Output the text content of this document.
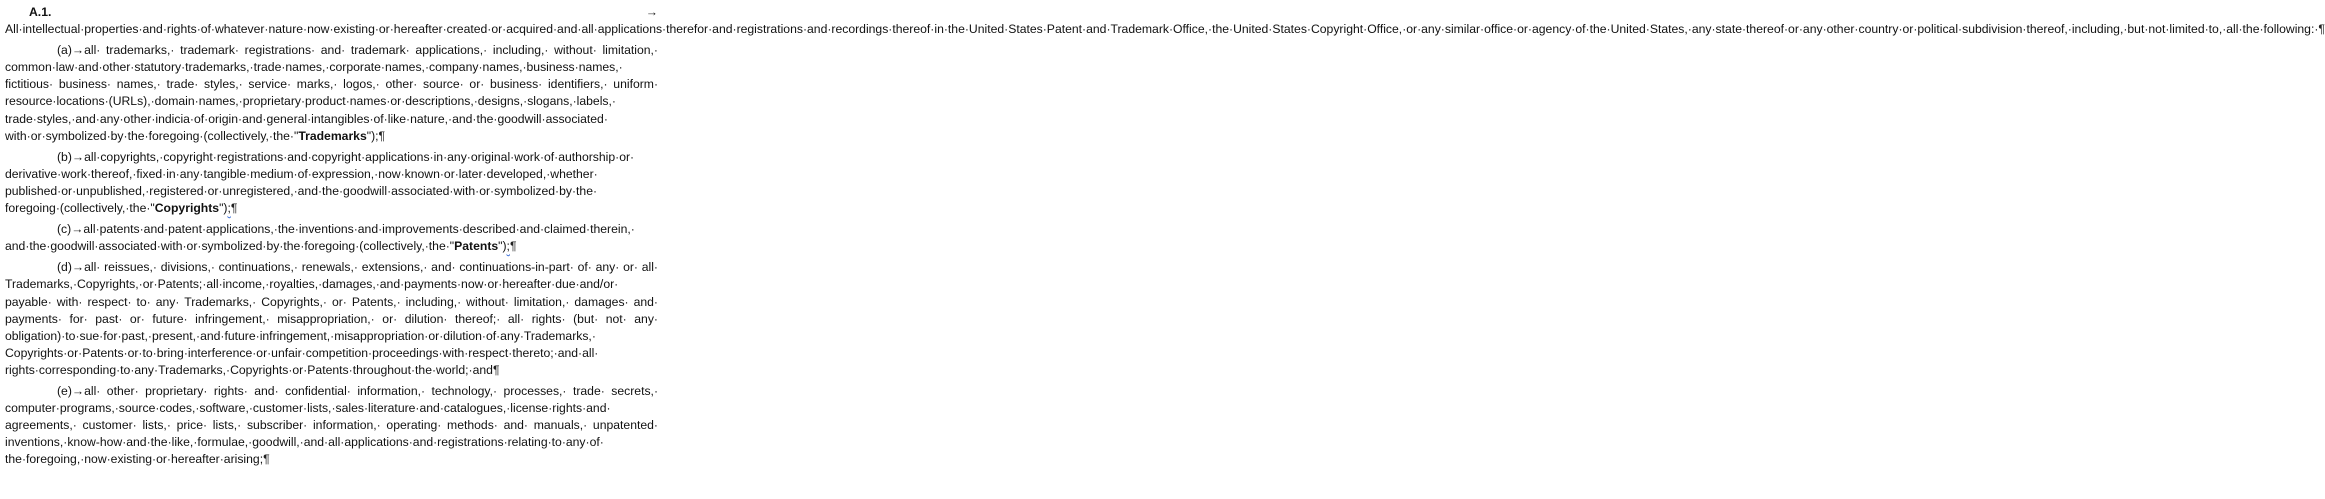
A.1. → All·intellectual·properties·and·rights·of·whatever·nature·now·existing·or·hereafter·created·or·acquired·and·all·applications·therefor·and·registrations·and·recordings·thereof·in·the·United·States·Patent·and·Trademark·Office,·the·United·States·Copyright·Office,·or·any·similar·office·or·agency·of·the·United·States,·any·state·thereof·or·any·other·country·or·political·subdivision·thereof,·including,·but·not·limited·to,·all·the·following:·¶

(a)→all· trademarks,· trademark· registrations· and· trademark· applications,· including,· without· limitation,· common·law·and·other·statutory·trademarks,·trade·names,·corporate·names,·company·names,·business·names,· fictitious· business· names,· trade· styles,· service· marks,· logos,· other· source· or· business· identifiers,· uniform· resource·locations·(URLs),·domain·names,·proprietary·product·names·or·descriptions,·designs,·slogans,·labels,· trade·styles,·and·any·other·indicia·of·origin·and·general·intangibles·of·like·nature,·and·the·goodwill·associated· with·or·symbolized·by·the·foregoing·(collectively,·the·"Trademarks");¶

(b)→all·copyrights,·copyright·registrations·and·copyright·applications·in·any·original·work·of·authorship·or· derivative·work·thereof,·fixed·in·any·tangible·medium·of·expression,·now·known·or·later·developed,·whether· published·or·unpublished,·registered·or·unregistered,·and·the·goodwill·associated·with·or·symbolized·by·the· foregoing·(collectively,·the·"Copyrights");¶

(c)→all·patents·and·patent·applications,·the·inventions·and·improvements·described·and·claimed·therein,· and·the·goodwill·associated·with·or·symbolized·by·the·foregoing·(collectively,·the·"Patents");¶

(d)→all· reissues,· divisions,· continuations,· renewals,· extensions,· and· continuations-in-part· of· any· or· all· Trademarks,·Copyrights,·or·Patents;·all·income,·royalties,·damages,·and·payments·now·or·hereafter·due·and/or· payable· with· respect· to· any· Trademarks,· Copyrights,· or· Patents,· including,· without· limitation,· damages· and· payments· for· past· or· future· infringement,· misappropriation,· or· dilution· thereof;· all· rights· (but· not· any· obligation)·to·sue·for·past,·present,·and·future·infringement,·misappropriation·or·dilution·of·any·Trademarks,· Copyrights·or·Patents·or·to·bring·interference·or·unfair·competition·proceedings·with·respect·thereto;·and·all· rights·corresponding·to·any·Trademarks,·Copyrights·or·Patents·throughout·the·world;·and¶

(e)→all· other· proprietary· rights· and· confidential· information,· technology,· processes,· trade· secrets,· computer·programs,·source·codes,·software,·customer·lists,·sales·literature·and·catalogues,·license·rights·and· agreements,· customer· lists,· price· lists,· subscriber· information,· operating· methods· and· manuals,· unpatented· inventions,·know-how·and·the·like,·formulae,·goodwill,·and·all·applications·and·registrations·relating·to·any·of· the·foregoing,·now·existing·or·hereafter·arising;¶
